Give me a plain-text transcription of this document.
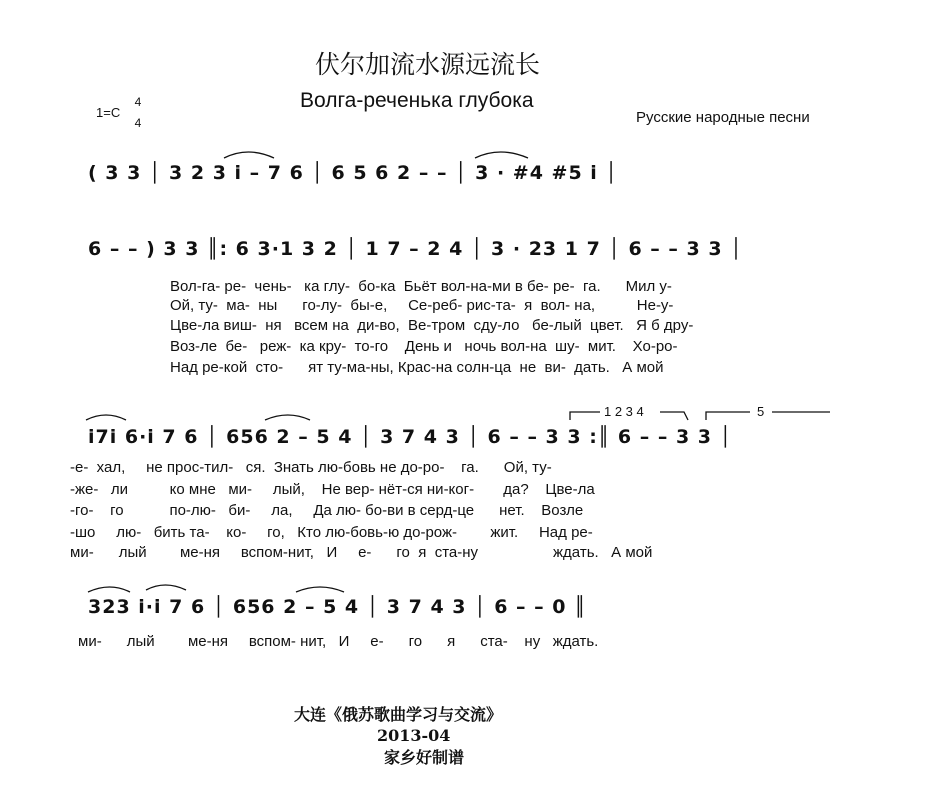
伏尔加流水源远流长
Волга-реченька глубока
Русские народные песни
1=C
4
4
( 3 3 │ 3 2 3 i – 7 6 │ 6 5 6 2 – – │ 3 · #4 #5 i │
6 – – ) 3 3 ║: 6 3·1 3 2 │ 1 7 – 2 4 │ 3 · 23 1 7 │ 6 – – 3 3 │
i7i 6·i 7 6 │ 656 2 – 5 4 │ 3 7 4 3 │ 6 – – 3 3 :║ 6 – – 3 3 │
323 i·i 7 6 │ 656 2 – 5 4 │ 3 7 4 3 │ 6 – – 0 ║
1 2 3 4	5
Вол-га- ре-  чень-   ка глу-  бо-ка  Бьёт вол-на-ми в бе- ре-  га.      Мил у-
Ой, ту-  ма-  ны      го-лу-  бы-е,     Се-реб- рис-та-  я  вол- на,          Не-у-
Цве-ла виш-  ня   всем на  ди-во,  Ве-тром  сду-ло   бе-лый  цвет.   Я б дру-
Воз-ле  бе-   реж-  ка кру-  то-го    День и   ночь вол-на  шу-  мит.    Хо-ро-
Над ре-кой  сто-      ят ту-ма-ны, Крас-на солн-ца  не  ви-  дать.   А мой
-е-  хал,     не прос-тил-   ся.  Знать лю-бовь не до-ро-    га.      Ой, ту-
-же-   ли          ко мне   ми-     лый,    Не вер- нёт-ся ни-ког-       да?    Цве-ла
-го-    го           по-лю-   би-     ла,     Да лю- бо-ви в серд-це      нет.    Возле
-шо     лю-   бить та-    ко-     го,   Кто лю-бовь-ю до-рож-        жит.     Над ре-
ми-      лый        ме-ня     вспом-нит,   И     е-      го  я  ста-ну                  ждать.   А мой
ми-      лый        ме-ня     вспом- нит,   И     е-      го      я      ста-    ну   ждать.
大连《俄苏歌曲学习与交流》
2013-04
家乡好制谱
